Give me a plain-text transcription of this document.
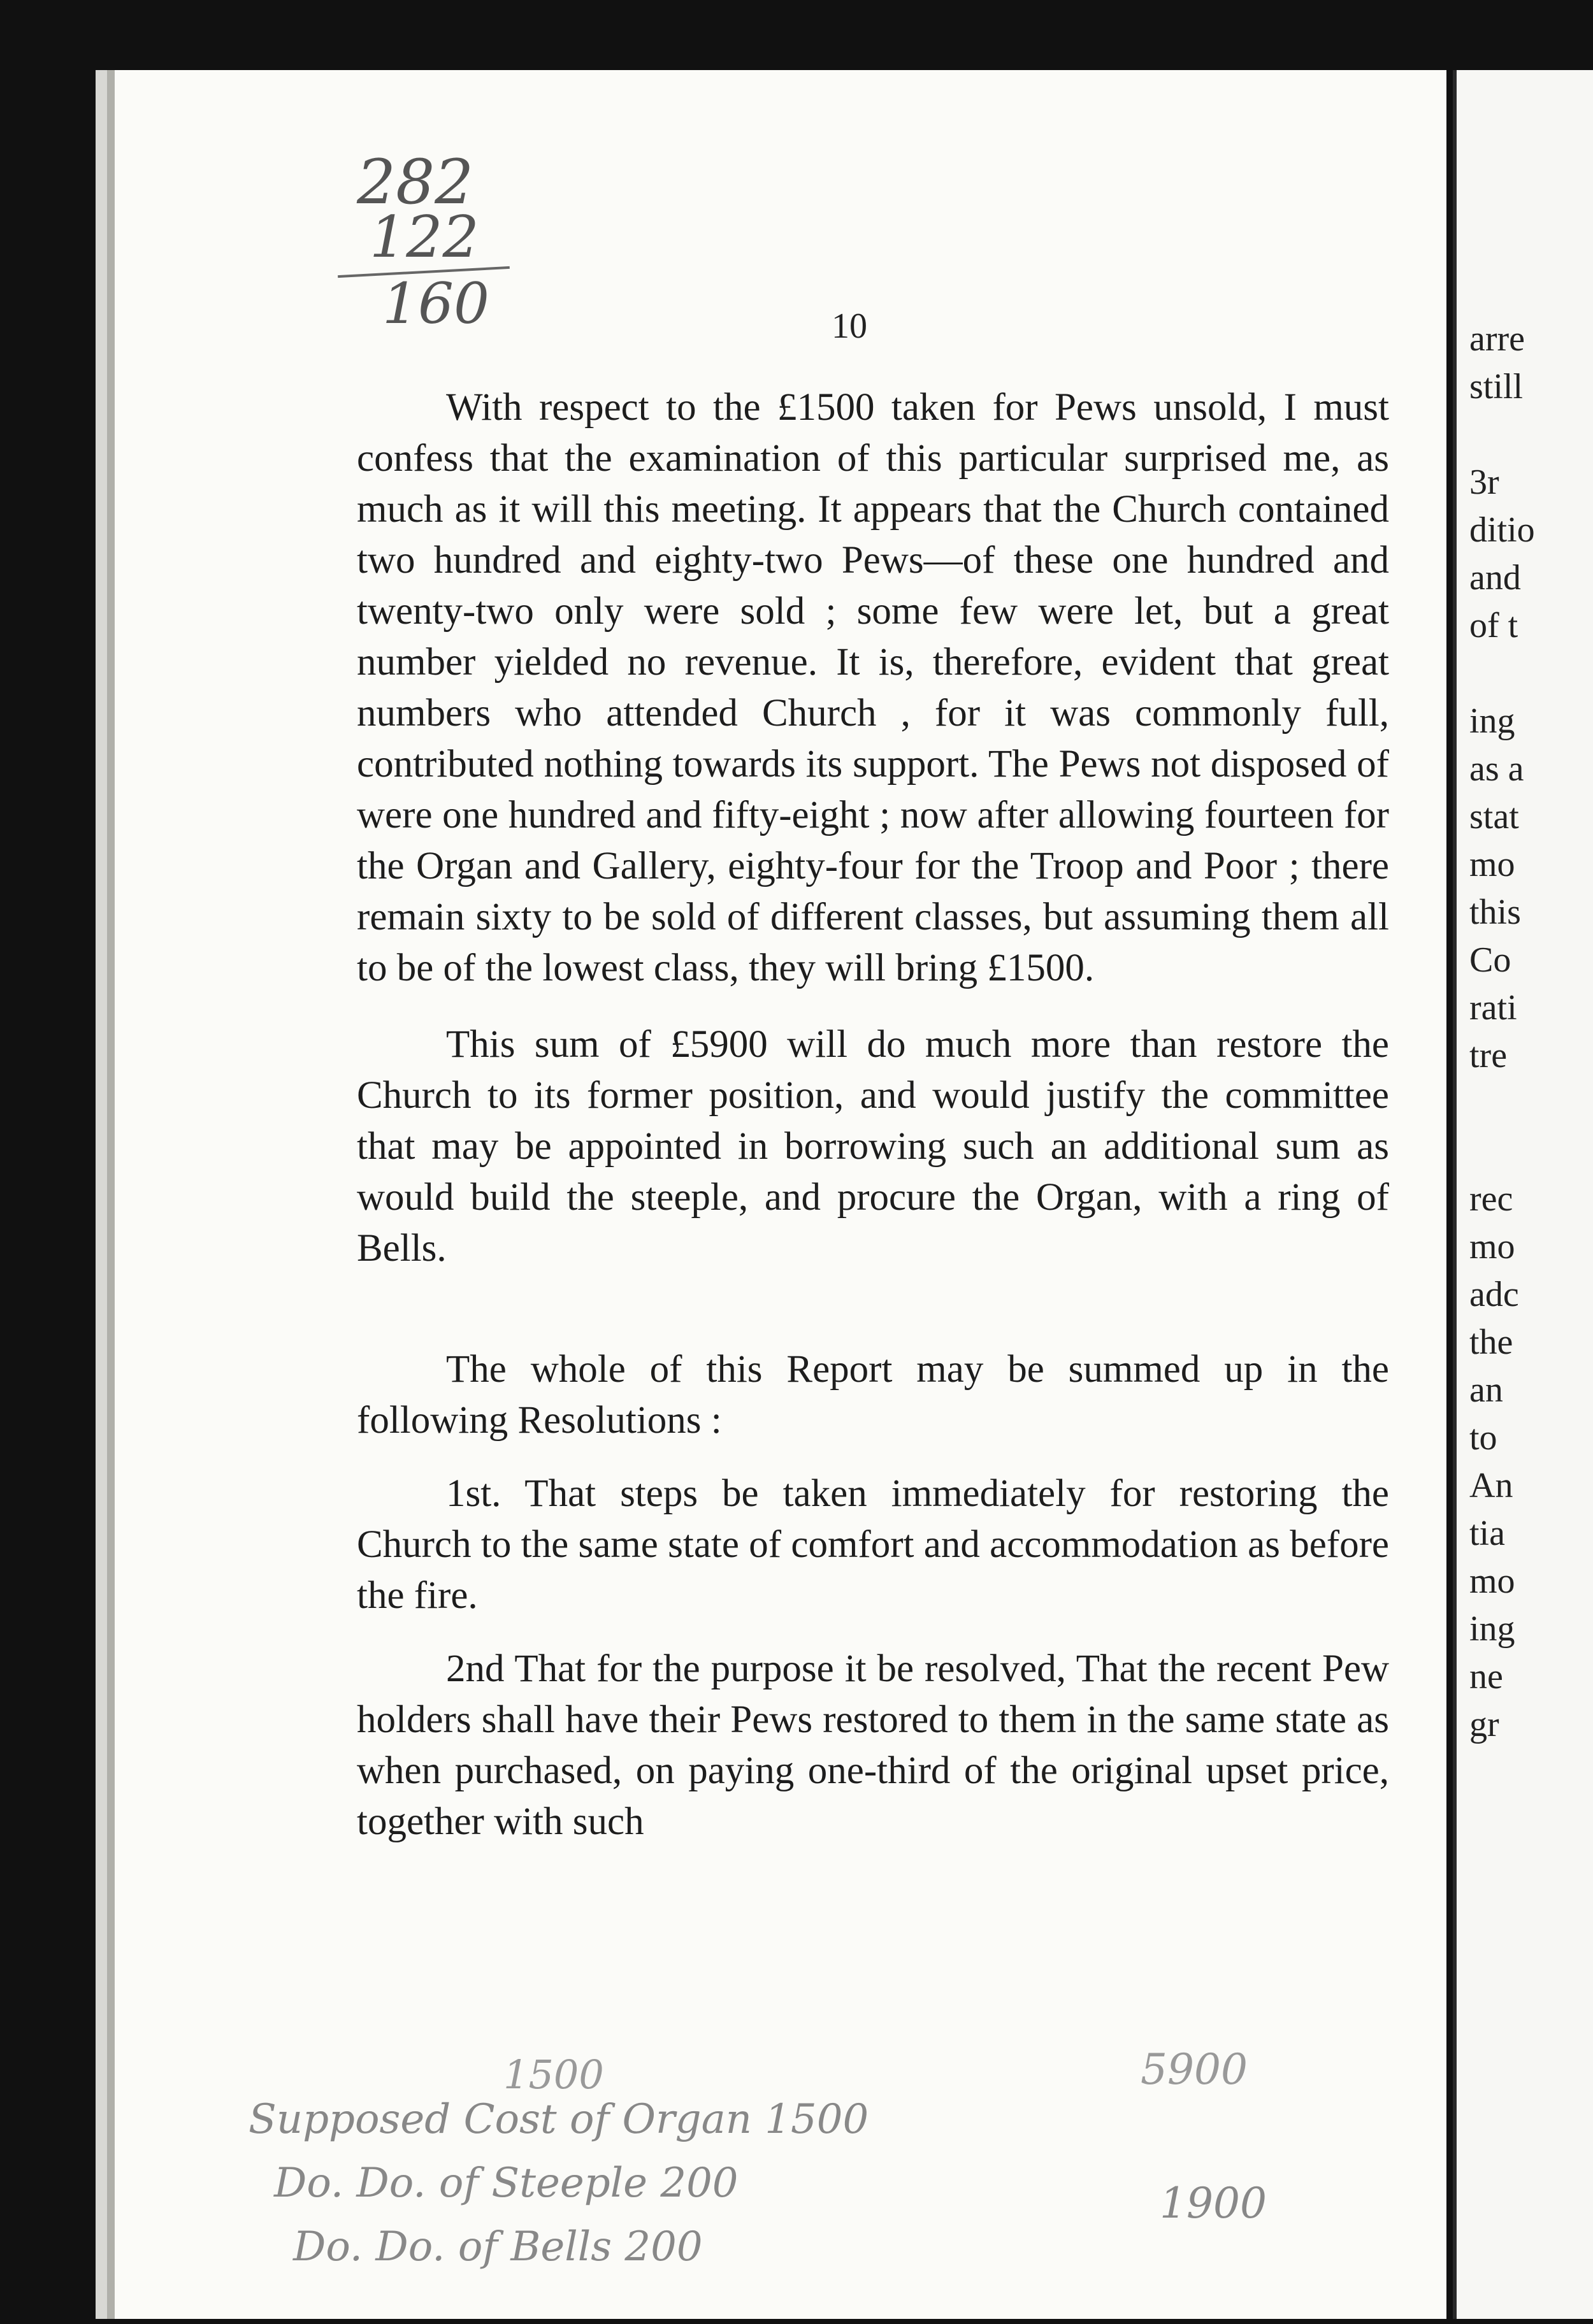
282
122
160	10

With respect to the £1500 taken for Pews unsold, I must confess that the examination of this particular surprised me, as much as it will this meeting. It appears that the Church contained two hundred and eighty-two Pews—of these one hundred and twenty-two only were sold ; some few were let, but a great number yielded no revenue. It is, therefore, evident that great numbers who attended Church , for it was commonly full, contributed nothing towards its support. The Pews not disposed of were one hundred and fifty-eight ; now after allowing fourteen for the Organ and Gallery, eighty-four for the Troop and Poor ; there remain sixty to be sold of different classes, but assuming them all to be of the lowest class, they will bring £1500.

This sum of £5900 will do much more than restore the Church to its former position, and would justify the committee that may be appointed in borrowing such an additional sum as would build the steeple, and procure the Organ, with a ring of Bells.

The whole of this Report may be summed up in the following Resolutions :

1st. That steps be taken immediately for restoring the Church to the same state of comfort and accommodation as before the fire.

2nd That for the purpose it be resolved, That the recent Pew holders shall have their Pews restored to them in the same state as when purchased, on paying one-third of the original upset price, together with such

1500	5900
Supposed Cost of Organ 1500
Do. Do. of Steeple 200
Do. Do. of Bells 200
1900
arre
still
3r
ditio
and
of t
ing
as a
stat
mo
this
Co
rati
tre
rec
mo
adc
the
an
to
An
tia
mo
ing
ne
gr
